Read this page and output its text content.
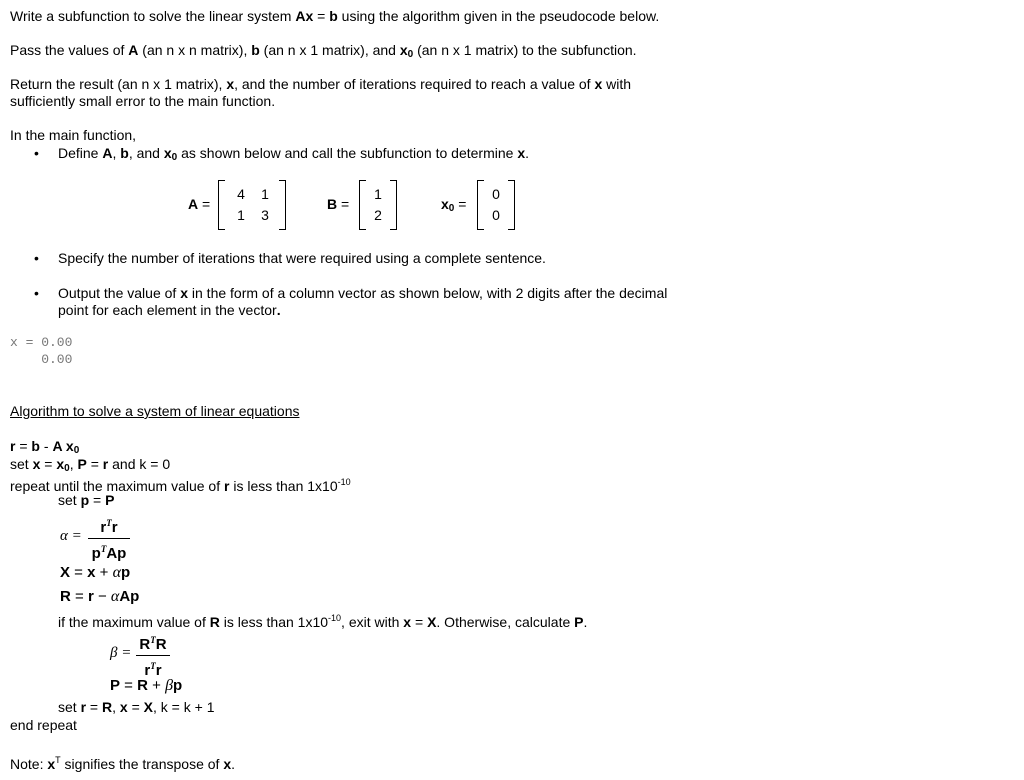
Write a subfunction to solve the linear system Ax = b using the algorithm given in the pseudocode below.
Pass the values of A (an n x n matrix), b (an n x 1 matrix), and $x_0$ (an n x 1 matrix) to the subfunction.
Return the result (an n x 1 matrix), x, and the number of iterations required to reach a value of x with
sufficiently small error to the main function.
In the main function,
• Define A, b, and $x_0$ as shown below and call the subfunction to determine x.
A =
4	1
1	3
B =
1
2
$x_0$ =
0
0
• Specify the number of iterations that were required using a complete sentence.
• Output the value of x in the form of a column vector as shown below, with 2 digits after the decimal
point for each element in the vector.
x = 0.00
0.00
Algorithm to solve a system of linear equations
r = b - A $x_0$
set $x = x_0$, P = r and k = 0
repeat until the maximum value of r is less than $1x10^{-10}$
set p = P
α =	$r^Tr$
$p^TAp$
X = x + αp
R = r − αAp
if the maximum value of R is less than $1x10^{-10}$, exit with x = X. Otherwise, calculate P.
$\beta = R^TR$
$r^Tr$
P = R + βp
set r = R, x = X, k = k + 1
end repeat
Note: $x^T$ signifies the transpose of x.
